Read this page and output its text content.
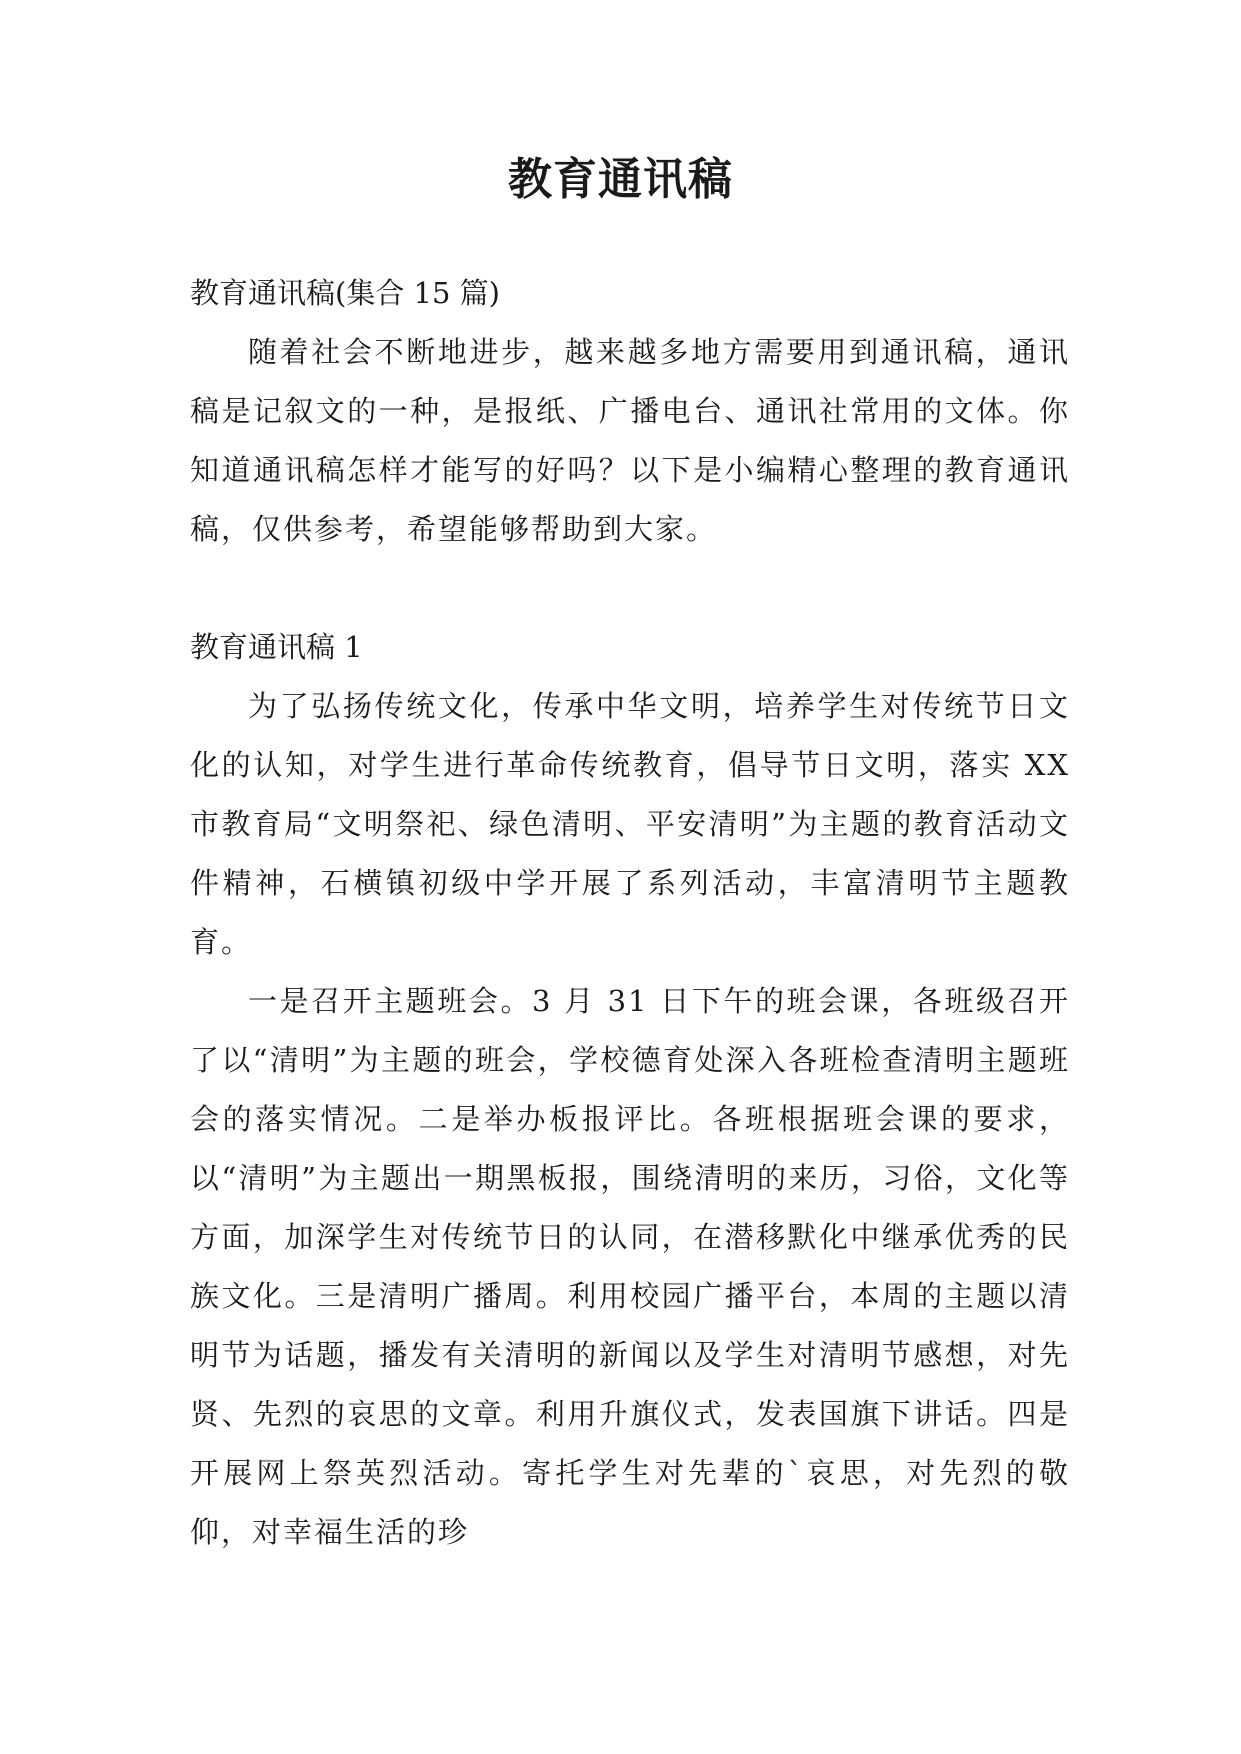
教育通讯稿

教育通讯稿(集合 15 篇)

随着社会不断地进步，越来越多地方需要用到通讯稿，通讯稿是记叙文的一种，是报纸、广播电台、通讯社常用的文体。你知道通讯稿怎样才能写的好吗？以下是小编精心整理的教育通讯稿，仅供参考，希望能够帮助到大家。

教育通讯稿 1

为了弘扬传统文化，传承中华文明，培养学生对传统节日文化的认知，对学生进行革命传统教育，倡导节日文明，落实 XX 市教育局“文明祭祀、绿色清明、平安清明”为主题的教育活动文件精神，石横镇初级中学开展了系列活动，丰富清明节主题教育。

一是召开主题班会。3 月 31 日下午的班会课，各班级召开了以“清明”为主题的班会，学校德育处深入各班检查清明主题班会的落实情况。二是举办板报评比。各班根据班会课的要求，以“清明”为主题出一期黑板报，围绕清明的来历，习俗，文化等方面，加深学生对传统节日的认同，在潜移默化中继承优秀的民族文化。三是清明广播周。利用校园广播平台，本周的主题以清明节为话题，播发有关清明的新闻以及学生对清明节感想，对先贤、先烈的哀思的文章。利用升旗仪式，发表国旗下讲话。四是开展网上祭英烈活动。寄托学生对先辈的`哀思，对先烈的敬仰，对幸福生活的珍
